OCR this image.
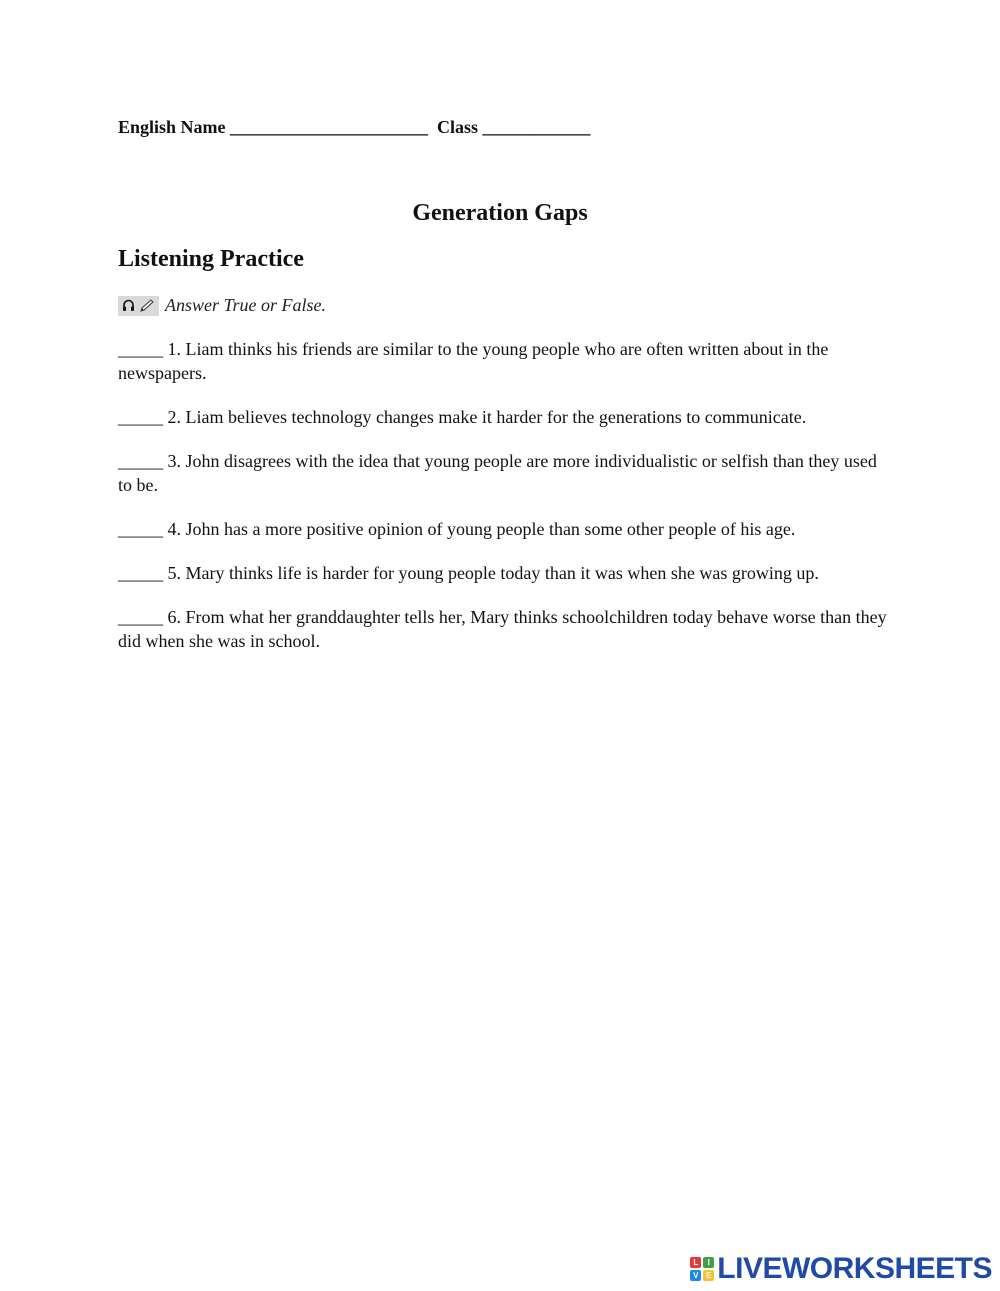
English Name ______________________  Class ____________
Generation Gaps
Listening Practice
Answer True or False.

_____ 1. Liam thinks his friends are similar to the young people who are often written about in the newspapers.

_____ 2. Liam believes technology changes make it harder for the generations to communicate.

_____ 3. John disagrees with the idea that young people are more individualistic or selfish than they used to be.

_____ 4. John has a more positive opinion of young people than some other people of his age.

_____ 5. Mary thinks life is harder for young people today than it was when she was growing up.

_____ 6. From what her granddaughter tells her, Mary thinks schoolchildren today behave worse than they did when she was in school.

L	I
V E LIVEWORKSHEETS
